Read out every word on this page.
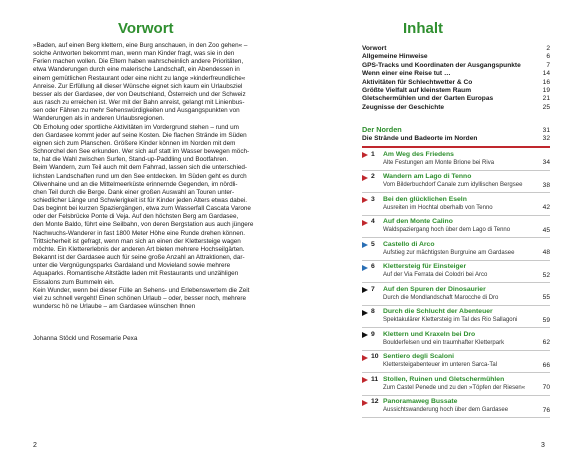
Vorwort

»Baden, auf einen Berg klettern, eine Burg anschauen, in den Zoo gehen« –

solche Antworten bekommt man, wenn man Kinder fragt, was sie in den

Ferien machen wollen. Die Eltern haben wahrscheinlich andere Prioritäten,

etwa Wanderungen durch eine malerische Landschaft, ein Abendessen in

einem gemütlichen Restaurant oder eine nicht zu lange »kinderfreundliche«

Anreise. Zur Erfüllung all dieser Wünsche eignet sich kaum ein Urlaubsziel

besser als der Gardasee, der von Deutschland, Österreich und der Schweiz

aus rasch zu erreichen ist. Wer mit der Bahn anreist, gelangt mit Linienbus-

sen oder Fähren zu mehr Sehenswürdigkeiten und Ausgangspunkten von

Wanderungen als in anderen Urlaubsregionen.

Ob Erholung oder sportliche Aktivitäten im Vordergrund stehen – rund um

den Gardasee kommt jeder auf seine Kosten. Die flachen Strände im Süden

eignen sich zum Planschen. Größere Kinder können im Norden mit dem

Schnorchel den See erkunden. Wer sich auf statt im Wasser bewegen möch-

te, hat die Wahl zwischen Surfen, Stand-up-Paddling und Bootfahren.

Beim Wandern, zum Teil auch mit dem Fahrrad, lassen sich die unterschied-

lichsten Landschaften rund um den See entdecken. Im Süden geht es durch

Olivenhaine und an die Mittelmeerküste erinnernde Gegenden, im nördli-

chen Teil durch die Berge. Dank einer großen Auswahl an Touren unter-

schiedlicher Länge und Schwierigkeit ist für Kinder jeden Alters etwas dabei.

Das beginnt bei kurzen Spaziergängen, etwa zum Wasserfall Cascata Varone

oder der Felsbrücke Ponte di Veja. Auf den höchsten Berg am Gardasee,

den Monte Baldo, führt eine Seilbahn, von deren Bergstation aus auch jüngere

Nachwuchs-Wanderer in fast 1800 Meter Höhe eine Runde drehen können.

Trittsicherheit ist gefragt, wenn man sich an einen der Klettersteige wagen

möchte. Ein Klettererlebnis der anderen Art bieten mehrere Hochseilgärten.

Bekannt ist der Gardasee auch für seine große Anzahl an Attraktionen, dar-

unter die Vergnügungsparks Gardaland und Movieland sowie mehrere

Aquaparks. Romantische Altstädte laden mit Restaurants und unzähligen

Eissalons zum Bummeln ein.

Kein Wunder, wenn bei dieser Fülle an Sehens- und Erlebenswertem die Zeit

viel zu schnell vergeht! Einen schönen Urlaub – oder, besser noch, mehrere

wundersc hö ne Urlaube – am Gardasee wünschen Ihnen

Johanna Stöckl und Rosemarie Pexa
2
Inhalt
Vorwort	2
Allgemeine Hinweise	6
GPS-Tracks und Koordinaten der Ausgangspunkte	7
Wenn einer eine Reise tut …	14
Aktivitäten für Schlechtwetter & Co	16
Größte Vielfalt auf kleinstem Raum	19
Gletschermühlen und der Garten Europas	21
Zeugnisse der Geschichte	25
Der Norden	31
Die Strände und Badeorte im Norden	32
1 Am Weg des Friedens
Alte Festungen am Monte Brione bei Riva	34
2 Wandern am Lago di Tenno
Vom Bilderbuchdorf Canale zum idyllischen Bergsee	38
3 Bei den glücklichen Eseln
Ausreiten im Hochtal oberhalb von Tenno	42
4 Auf den Monte Calino
Waldspaziergang hoch über dem Lago di Tenno	45
5 Castello di Arco
Aufstieg zur mächtigsten Burgruine am Gardasee	48
6 Klettersteig für Einsteiger
Auf der Via Ferrata dei Colodri bei Arco	52
7 Auf den Spuren der Dinosaurier
Durch die Mondlandschaft Marocche di Dro	55
8 Durch die Schlucht der Abenteuer
Spektakulärer Klettersteig im Tal des Rio Sallagoni	59
9 Klettern und Kraxeln bei Dro
Boulderfelsen und ein traumhafter Kletterpark	62
10 Sentiero degli Scaloni
Klettersteigabenteuer im unteren Sarca-Tal	66
11 Stollen, Ruinen und Gletschermühlen
Zum Castel Penede und zu den »Töpfen der Riesen«	70
12 Panoramaweg Bussate
Aussichtswanderung hoch über dem Gardasee	76
3
